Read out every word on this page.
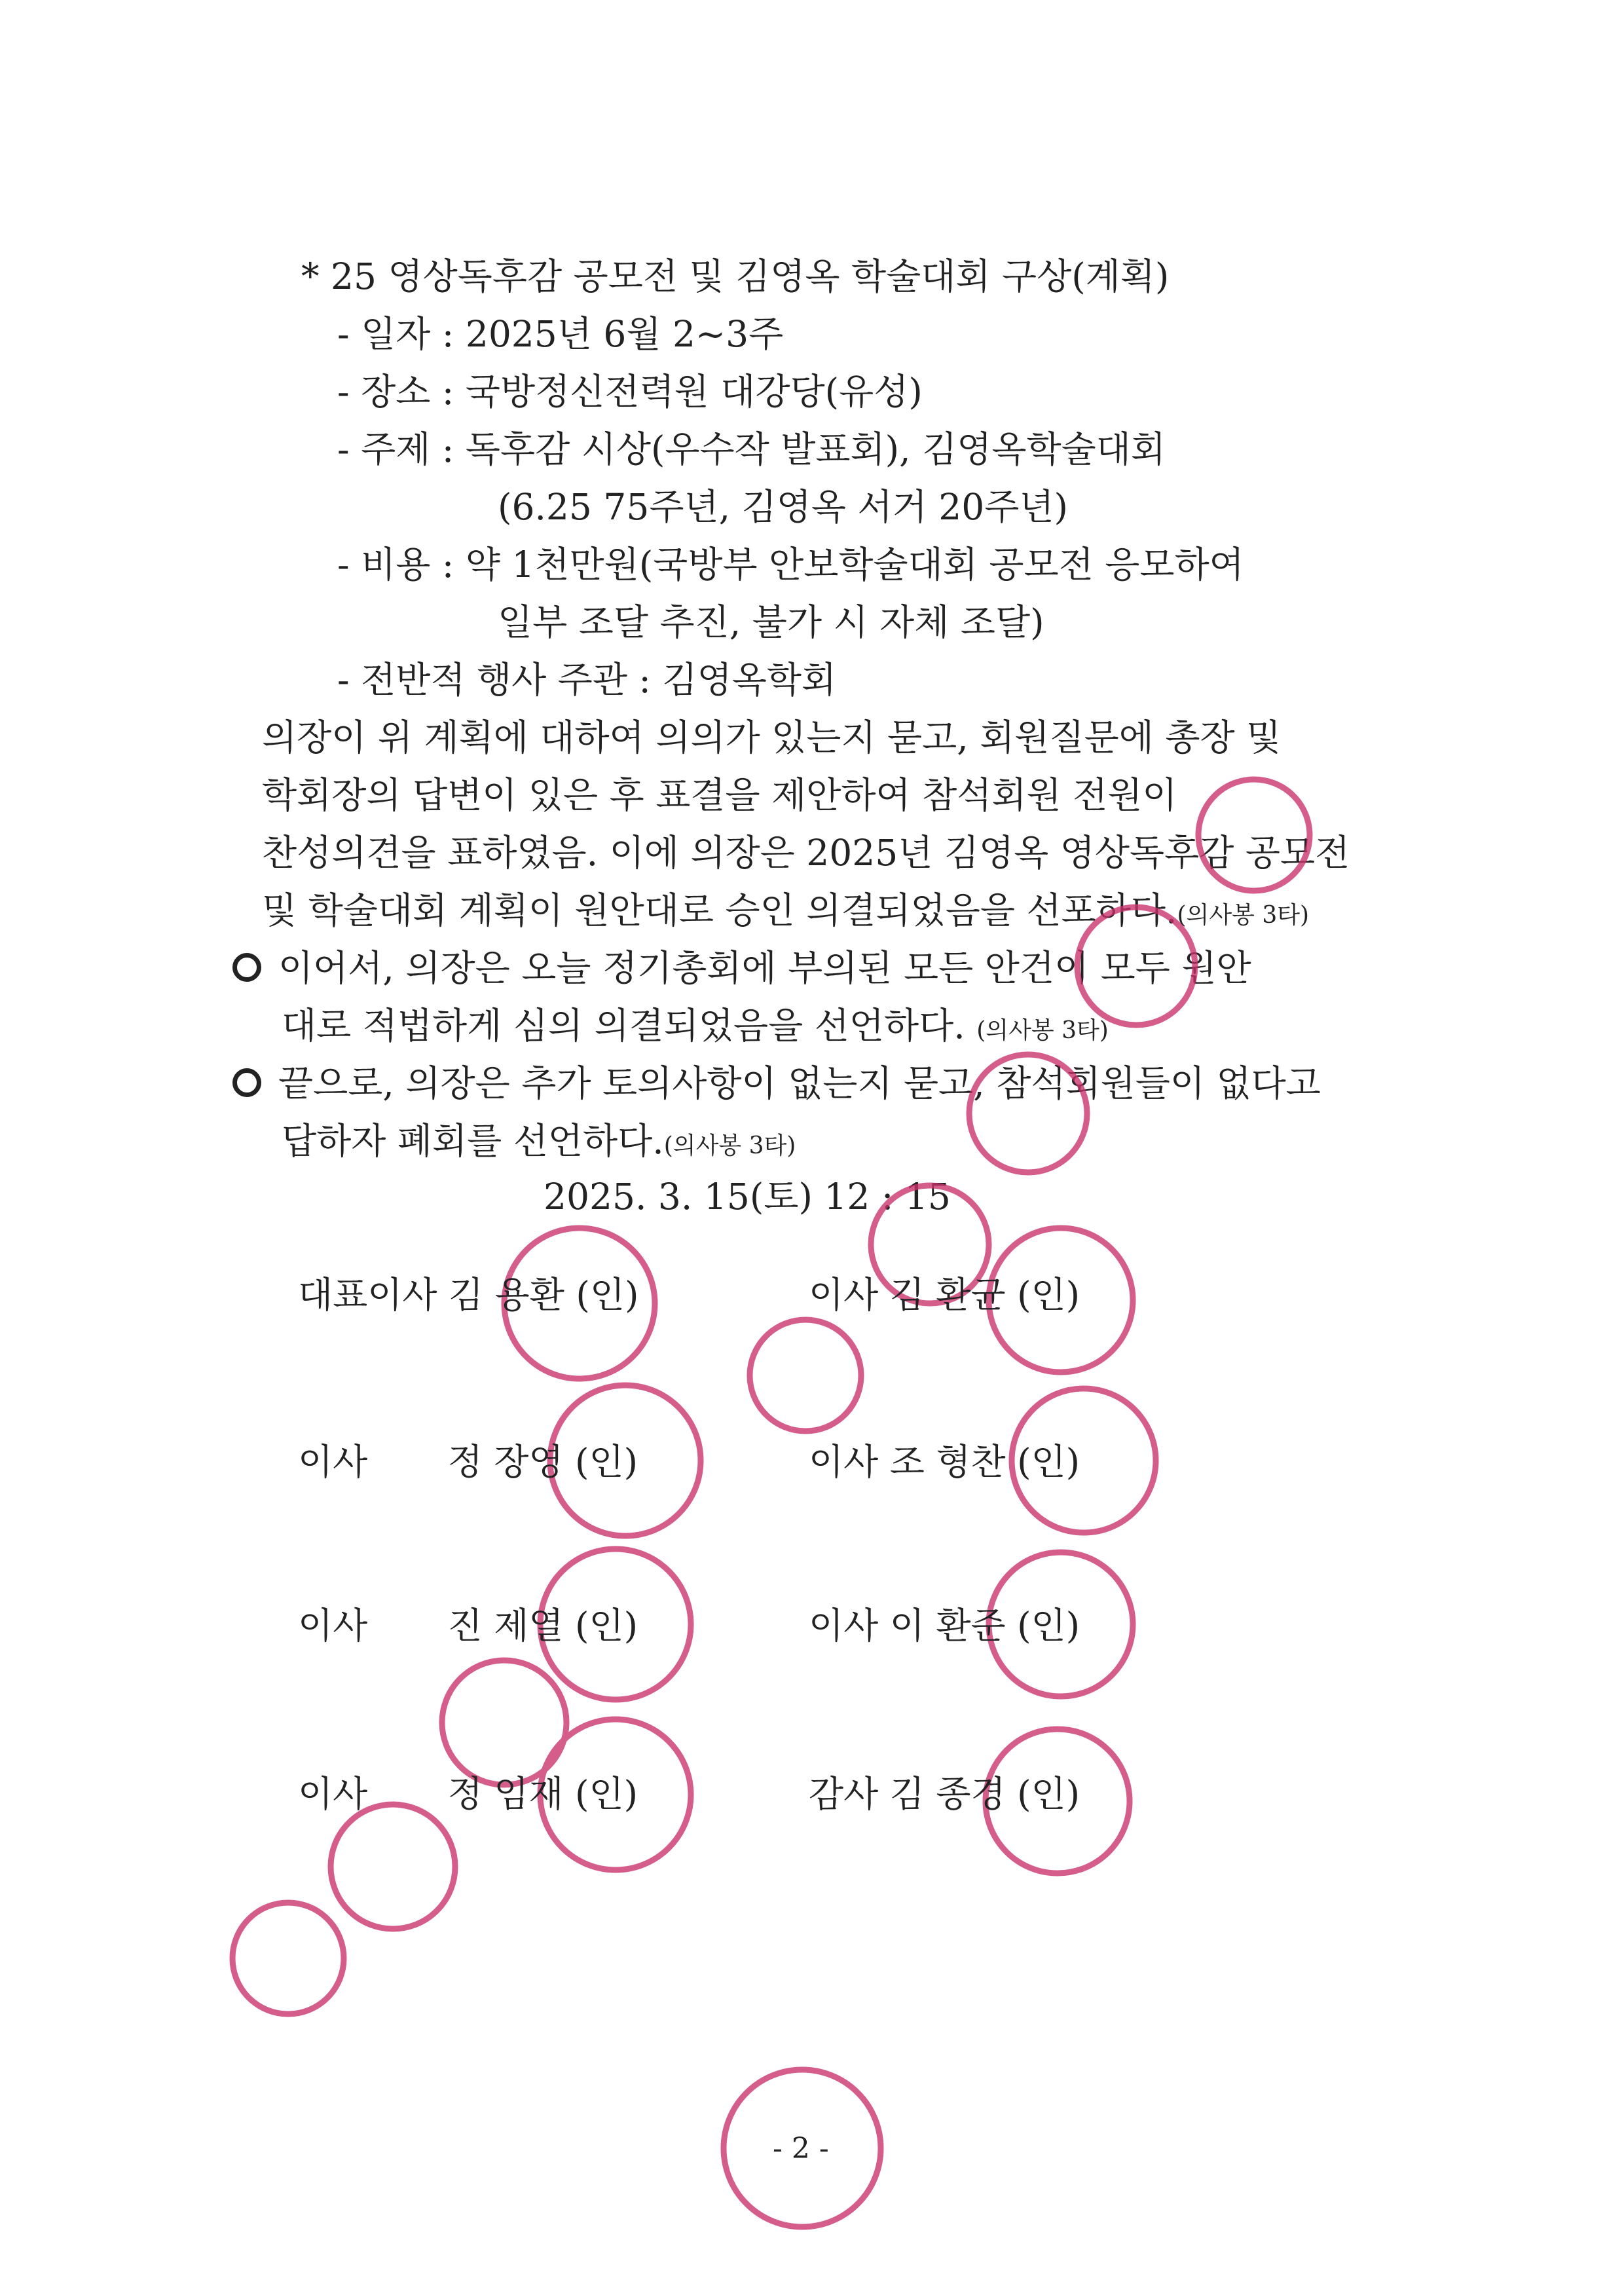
* 25 영상독후감 공모전 및 김영옥 학술대회 구상(계획)
- 일자 : 2025년 6월 2~3주
- 장소 : 국방정신전력원 대강당(유성)
- 주제 : 독후감 시상(우수작 발표회), 김영옥학술대회
(6.25 75주년, 김영옥 서거 20주년)
- 비용 : 약 1천만원(국방부 안보학술대회 공모전 응모하여
일부 조달 추진, 불가 시 자체 조달)
- 전반적 행사 주관 : 김영옥학회
의장이 위 계획에 대하여 의의가 있는지 묻고, 회원질문에 총장 및
학회장의 답변이 있은 후 표결을 제안하여 참석회원 전원이
찬성의견을 표하였음. 이에 의장은 2025년 김영옥 영상독후감 공모전
및 학술대회 계획이 원안대로 승인 의결되었음을 선포하다.(의사봉 3타)
이어서, 의장은 오늘 정기총회에 부의된 모든 안건이 모두 원안
대로 적법하게 심의 의결되었음을 선언하다. (의사봉 3타)
끝으로, 의장은 추가 토의사항이 없는지 묻고, 참석회원들이 없다고
답하자 폐회를 선언하다.(의사봉 3타)
2025. 3. 15(토) 12 : 15
대표이사 김 용환 (인)	이사 김 환균 (인)
이사       정 장영 (인)	이사 조 형찬 (인)
이사       진 제열 (인)	이사 이 환준 (인)
이사       정 임재 (인)	감사 김 종경 (인)
- 2 -
